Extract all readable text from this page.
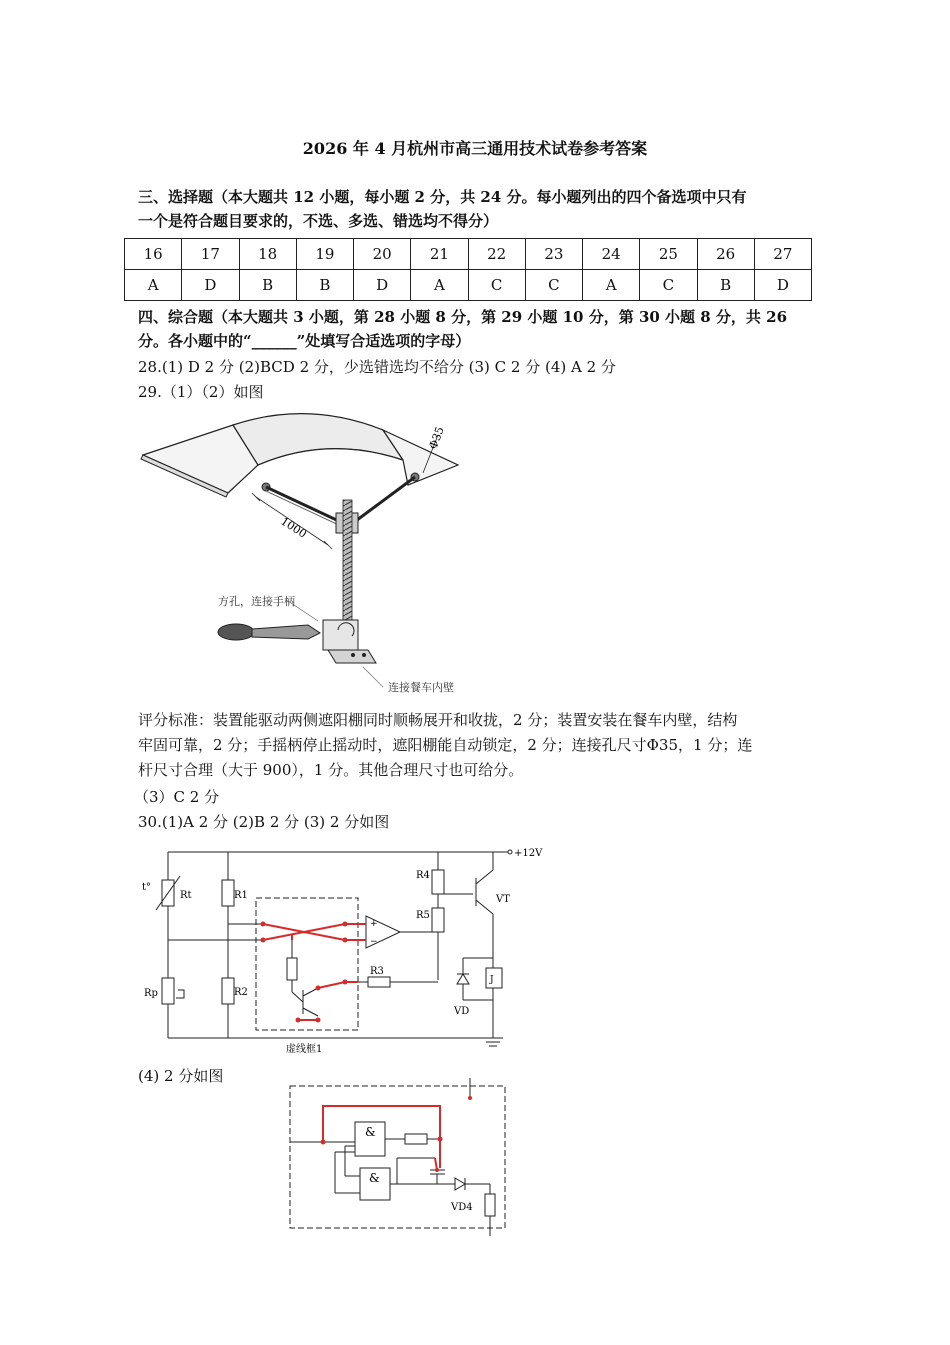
2026 年 4 月杭州市高三通用技术试卷参考答案
三、选择题（本大题共 12 小题，每小题 2 分，共 24 分。每小题列出的四个备选项中只有
一个是符合题目要求的，不选、多选、错选均不得分）
16	17	18	19	20	21	22	23	24	25	26	27
A	D	B	B	D	A	C	C	A	C	B	D
四、综合题（本大题共 3 小题，第 28 小题 8 分，第 29 小题 10 分，第 30 小题 8 分，共 26
分。各小题中的“______”处填写合适选项的字母）
28.(1) D 2 分 (2)BCD 2 分，少选错选均不给分 (3) C 2 分 (4) A 2 分
29.（1）（2）如图
Φ35
1000
方孔，连接手柄
连接餐车内壁
评分标准：装置能驱动两侧遮阳棚同时顺畅展开和收拢，2 分；装置安装在餐车内壁，结构
牢固可靠，2 分；手摇柄停止摇动时，遮阳棚能自动锁定，2 分；连接孔尺寸Φ35，1 分；连
杆尺寸合理（大于 900），1 分。其他合理尺寸也可给分。
（3）C 2 分
30.(1)A 2 分 (2)B 2 分 (3) 2 分如图
+
−
+12V
t°
Rt	R1
Rp	R2
R4
R5
R3
VT
VD
J
虚线框1
(4) 2 分如图
&
&
VD4
